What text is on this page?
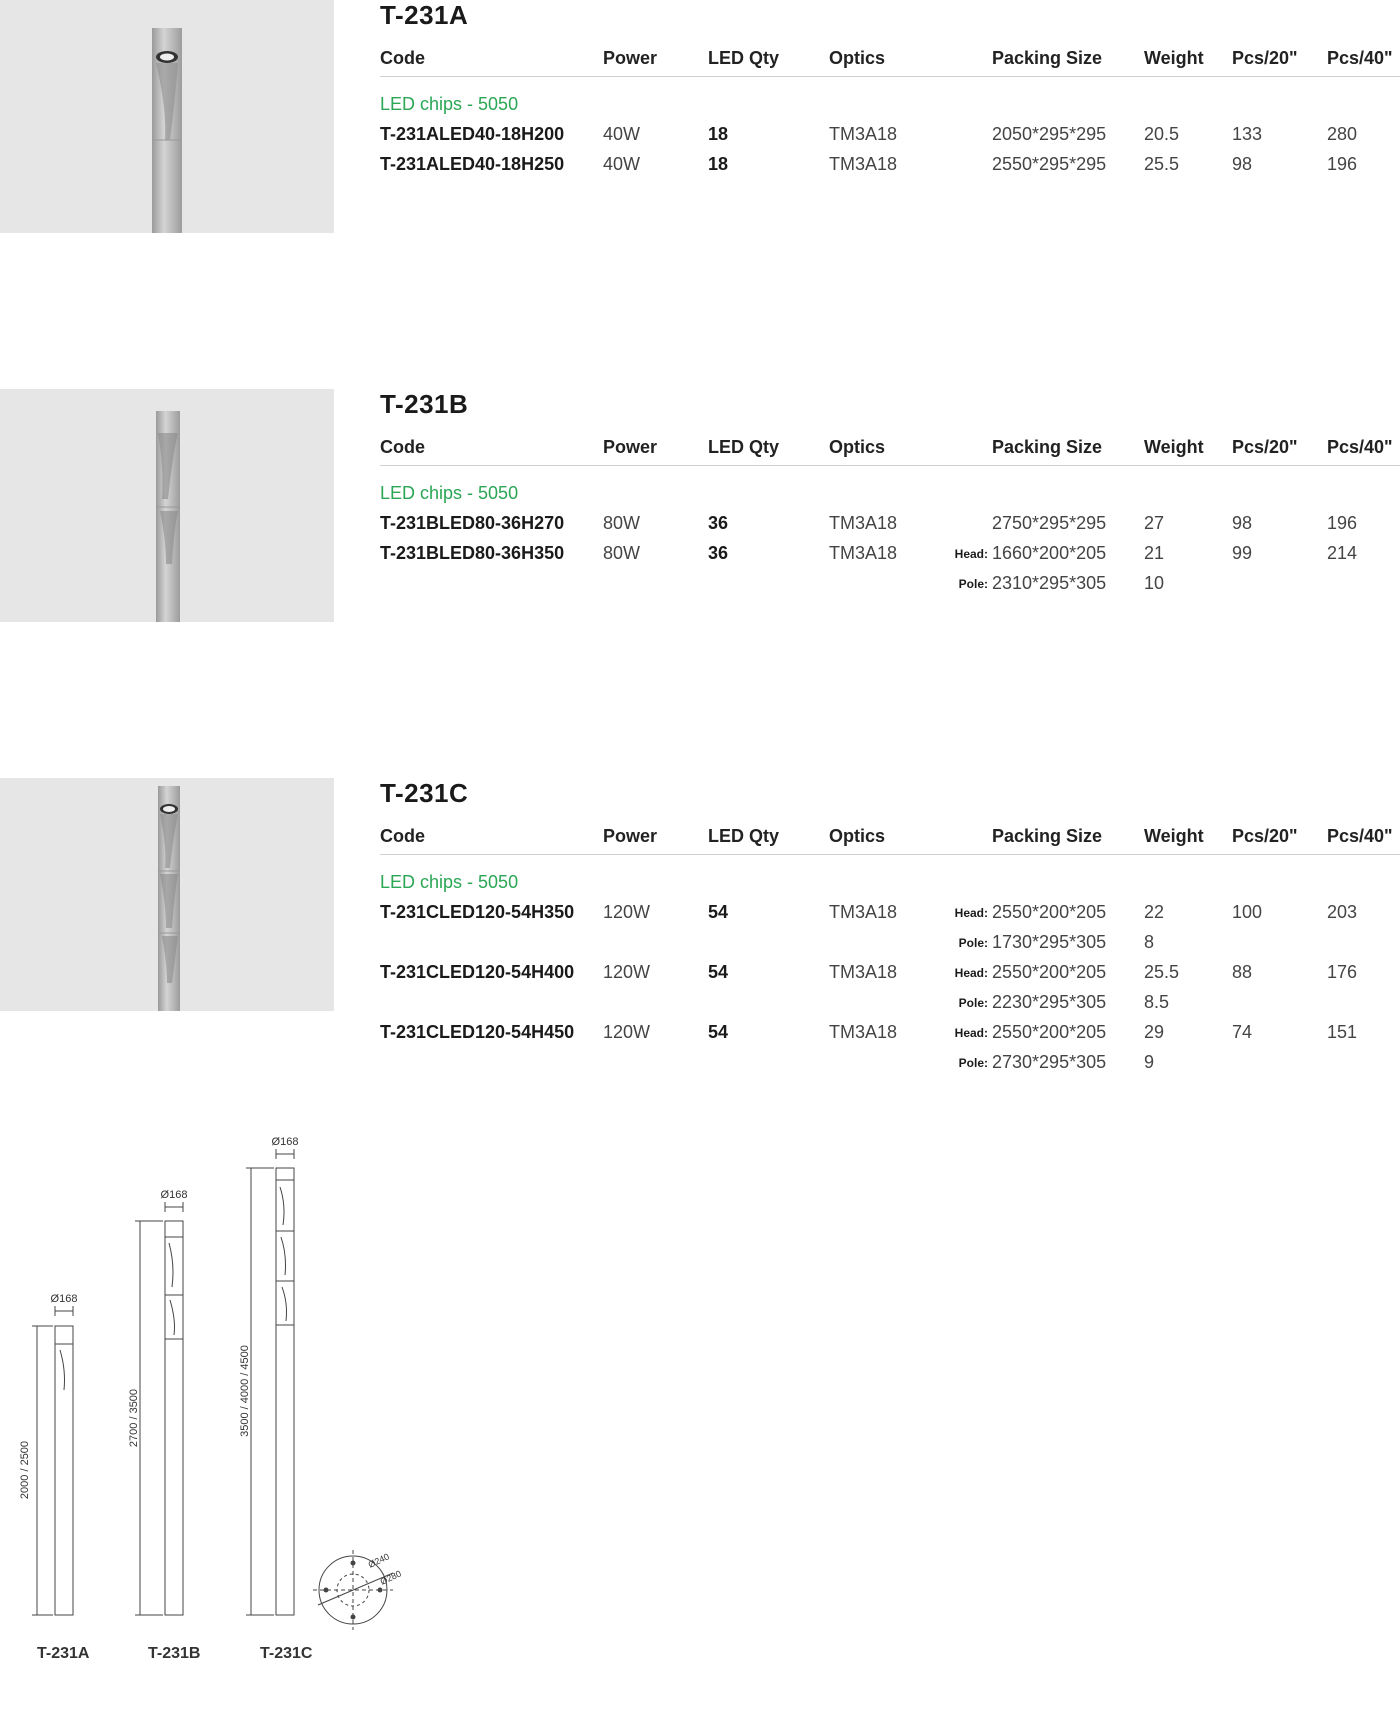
T-231A
Code	Power	LED Qty	Optics	Packing Size Weight Pcs/20" Pcs/40"
LED chips - 5050
T-231ALED40-18H200 40W	18	TM3A18	2050*295*295 20.5	133	280
T-231ALED40-18H250 40W	18	TM3A18	2550*295*295 25.5	98	196
T-231B
Code	Power	LED Qty	Optics	Packing Size Weight Pcs/20" Pcs/40"
LED chips - 5050
T-231BLED80-36H270 80W	36	TM3A18	2750*295*295 27	98	196
T-231BLED80-36H350 80W	36	TM3A18	Head: 1660*200*205 21	99	214
Pole: 2310*295*305 10
T-231C
Code	Power	LED Qty	Optics	Packing Size Weight Pcs/20" Pcs/40"
LED chips - 5050
T-231CLED120-54H350 120W	54	TM3A18	Head: 2550*200*205 22	100	203
Pole: 1730*295*305 8
T-231CLED120-54H400 120W	54	TM3A18	Head: 2550*200*205 25.5	88	176
Pole: 2230*295*305 8.5
T-231CLED120-54H450 120W	54	TM3A18	Head: 2550*200*205 29	74	151
Pole: 2730*295*305 9
Ø168
Ø168
Ø168
2000 / 2500
2700 / 3500	3500 / 4000 / 4500
Ø240
Ø280
T-231A	T-231B	T-231C
